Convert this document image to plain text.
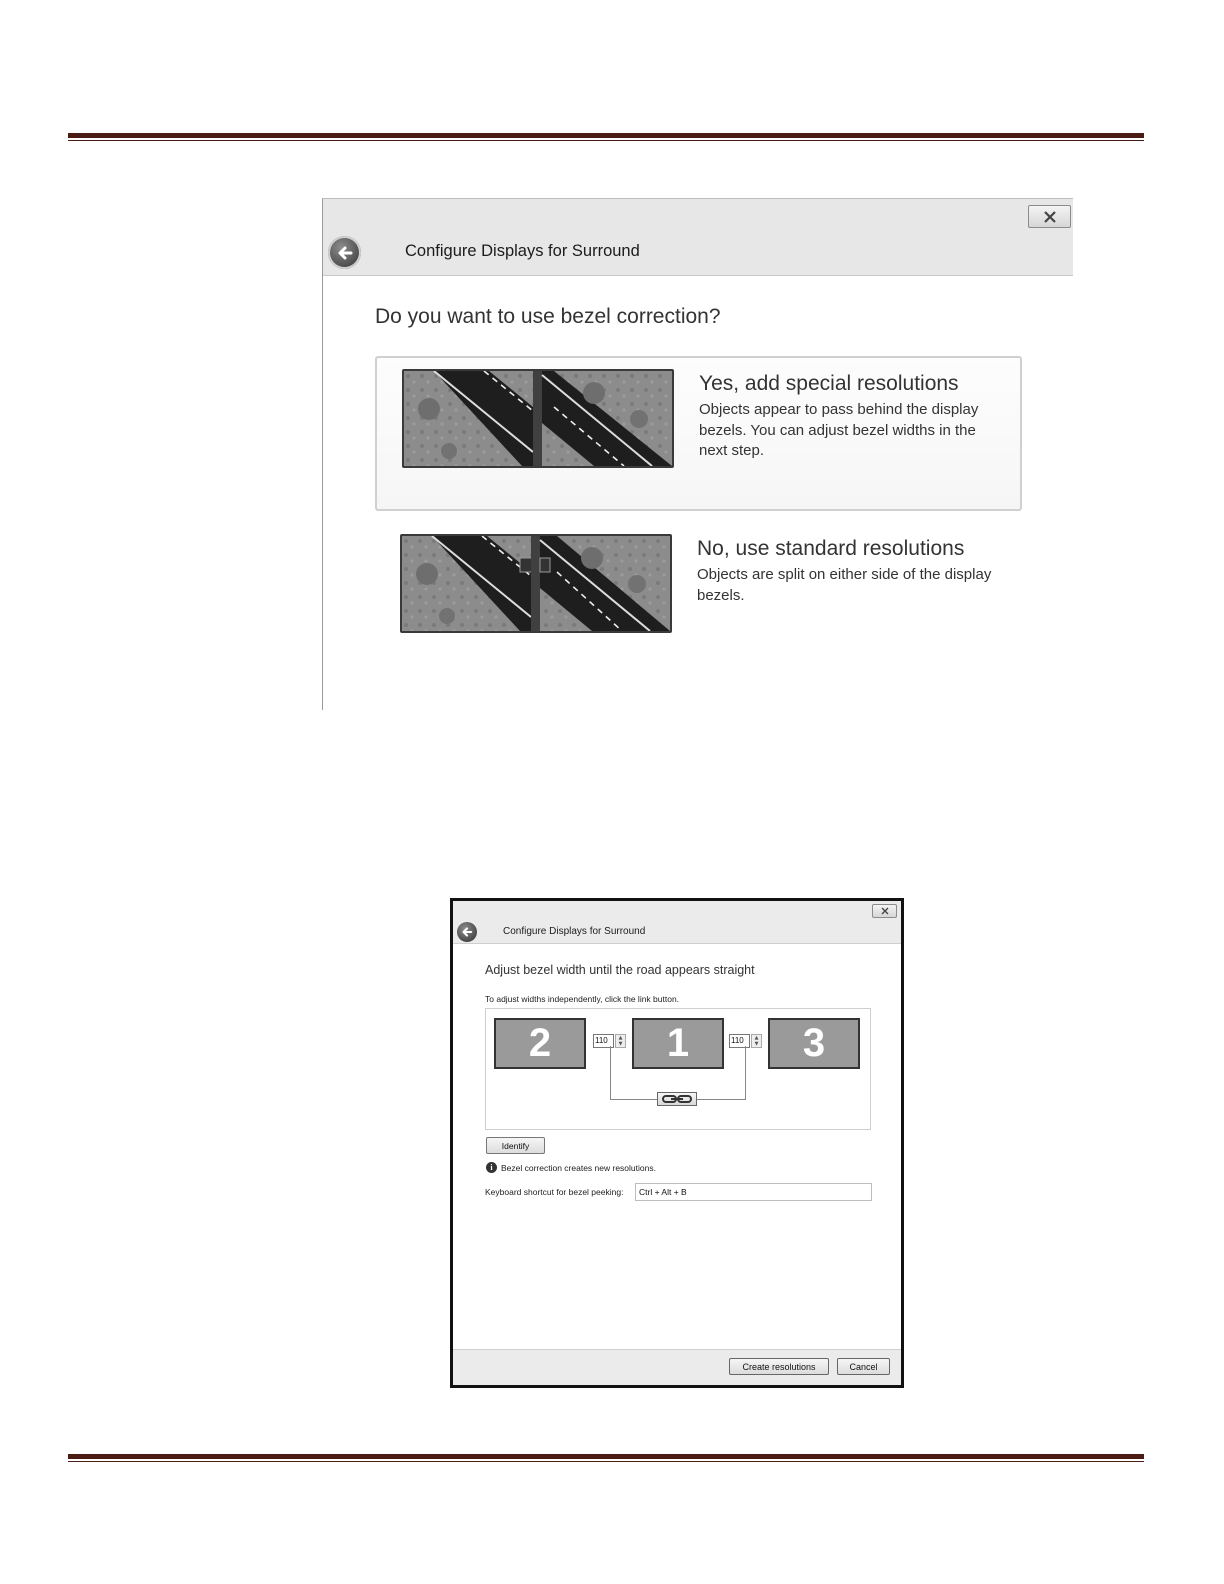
Configure Displays for Surround
Do you want to use bezel correction?
Yes, add special resolutions
Objects appear to pass behind the display bezels. You can adjust bezel widths in the next step.
No, use standard resolutions
Objects are split on either side of the display bezels.
Configure Displays for Surround
Adjust bezel width until the road appears straight
To adjust widths independently, click the link button.
2	110	▲
▼	1	110	▲
▼	3
Identify
i Bezel correction creates new resolutions.
Keyboard shortcut for bezel peeking:	Ctrl + Alt + B
Create resolutions	Cancel
